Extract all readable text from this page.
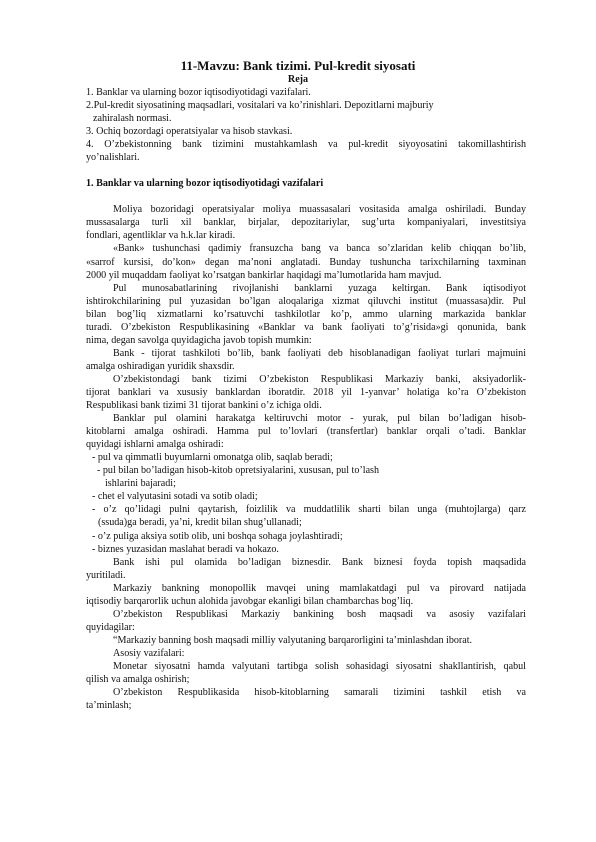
11-Mavzu: Bank tizimi. Pul-kredit siyosati
Reja
1. Banklar va ularning bozor iqtisodiyotidagi vazifalari.
2.Pul-kredit siyosatining maqsadlari, vositalari va ko’rinishlari. Depozitlarni majburiy
zahiralash normasi.
3. Ochiq bozordagi operatsiyalar va hisob stavkasi.
4. O’zbekistonning bank tizimini mustahkamlash va pul-kredit siyoyosatini takomillashtirish
yo’nalishlari.
1. Banklar va ularning bozor iqtisodiyotidagi vazifalari
Moliya bozoridagi operatsiyalar moliya muassasalari vositasida amalga oshiriladi. Bunday
mussasalarga turli xil banklar, birjalar, depozitariylar, sug’urta kompaniyalari, investitsiya
fondlari, agentliklar va h.k.lar kiradi.
«Bank» tushunchasi qadimiy fransuzcha bang va banca so’zlaridan kelib chiqqan bo’lib,
«sarrof kursisi, do’kon» degan ma’noni anglatadi. Bunday tushuncha tarixchilarning taxminan
2000 yil muqaddam faoliyat ko’rsatgan bankirlar haqidagi ma’lumotlarida ham mavjud.
Pul munosabatlarining rivojlanishi banklarni yuzaga keltirgan. Bank iqtisodiyot
ishtirokchilarining pul yuzasidan bo’lgan aloqalariga xizmat qiluvchi institut (muassasa)dir. Pul
bilan bog’liq xizmatlarni ko’rsatuvchi tashkilotlar ko’p, ammo ularning markazida banklar
turadi. O’zbekiston Respublikasining «Banklar va bank faoliyati to’g’risida»gi qonunida, bank
nima, degan savolga quyidagicha javob topish mumkin:
Bank - tijorat tashkiloti bo’lib, bank faoliyati deb hisoblanadigan faoliyat turlari majmuini
amalga oshiradigan yuridik shaxsdir.
O’zbekistondagi bank tizimi O’zbekiston Respublikasi Markaziy banki, aksiyadorlik-
tijorat banklari va xususiy banklardan iboratdir. 2018 yil 1-yanvar’ holatiga ko’ra O’zbekiston
Respublikasi bank tizimi 31 tijorat bankini o’z ichiga oldi.
Banklar pul olamini harakatga keltiruvchi motor - yurak, pul bilan bo’ladigan hisob-
kitoblarni amalga oshiradi. Hamma pul to’lovlari (transfertlar) banklar orqali o’tadi. Banklar
quyidagi ishlarni amalga oshiradi:
- pul va qimmatli buyumlarni omonatga olib, saqlab beradi;
- pul bilan bo’ladigan hisob-kitob opretsiyalarini, xususan, pul to’lash
ishlarini bajaradi;
- chet el valyutasini sotadi va sotib oladi;
- o’z qo’lidagi pulni qaytarish, foizlilik va muddatlilik sharti bilan unga (muhtojlarga) qarz
(ssuda)ga beradi, ya’ni, kredit bilan shug’ullanadi;
- o’z puliga aksiya sotib olib, uni boshqa sohaga joylashtiradi;
- biznes yuzasidan maslahat beradi va hokazo.
Bank ishi pul olamida bo’ladigan biznesdir. Bank biznesi foyda topish maqsadida
yuritiladi.
Markaziy bankning monopollik mavqei uning mamlakatdagi pul va pirovard natijada
iqtisodiy barqarorlik uchun alohida javobgar ekanligi bilan chambarchas bog’liq.
O’zbekiston Respublikasi Markaziy bankining bosh maqsadi va asosiy vazifalari
quyidagilar:
“Markaziy banning bosh maqsadi milliy valyutaning barqarorligini ta’minlashdan iborat.
Asosiy vazifalari:
Monetar siyosatni hamda valyutani tartibga solish sohasidagi siyosatni shakllantirish, qabul
qilish va amalga oshirish;
O’zbekiston Respublikasida hisob-kitoblarning samarali tizimini tashkil etish va
ta’minlash;
